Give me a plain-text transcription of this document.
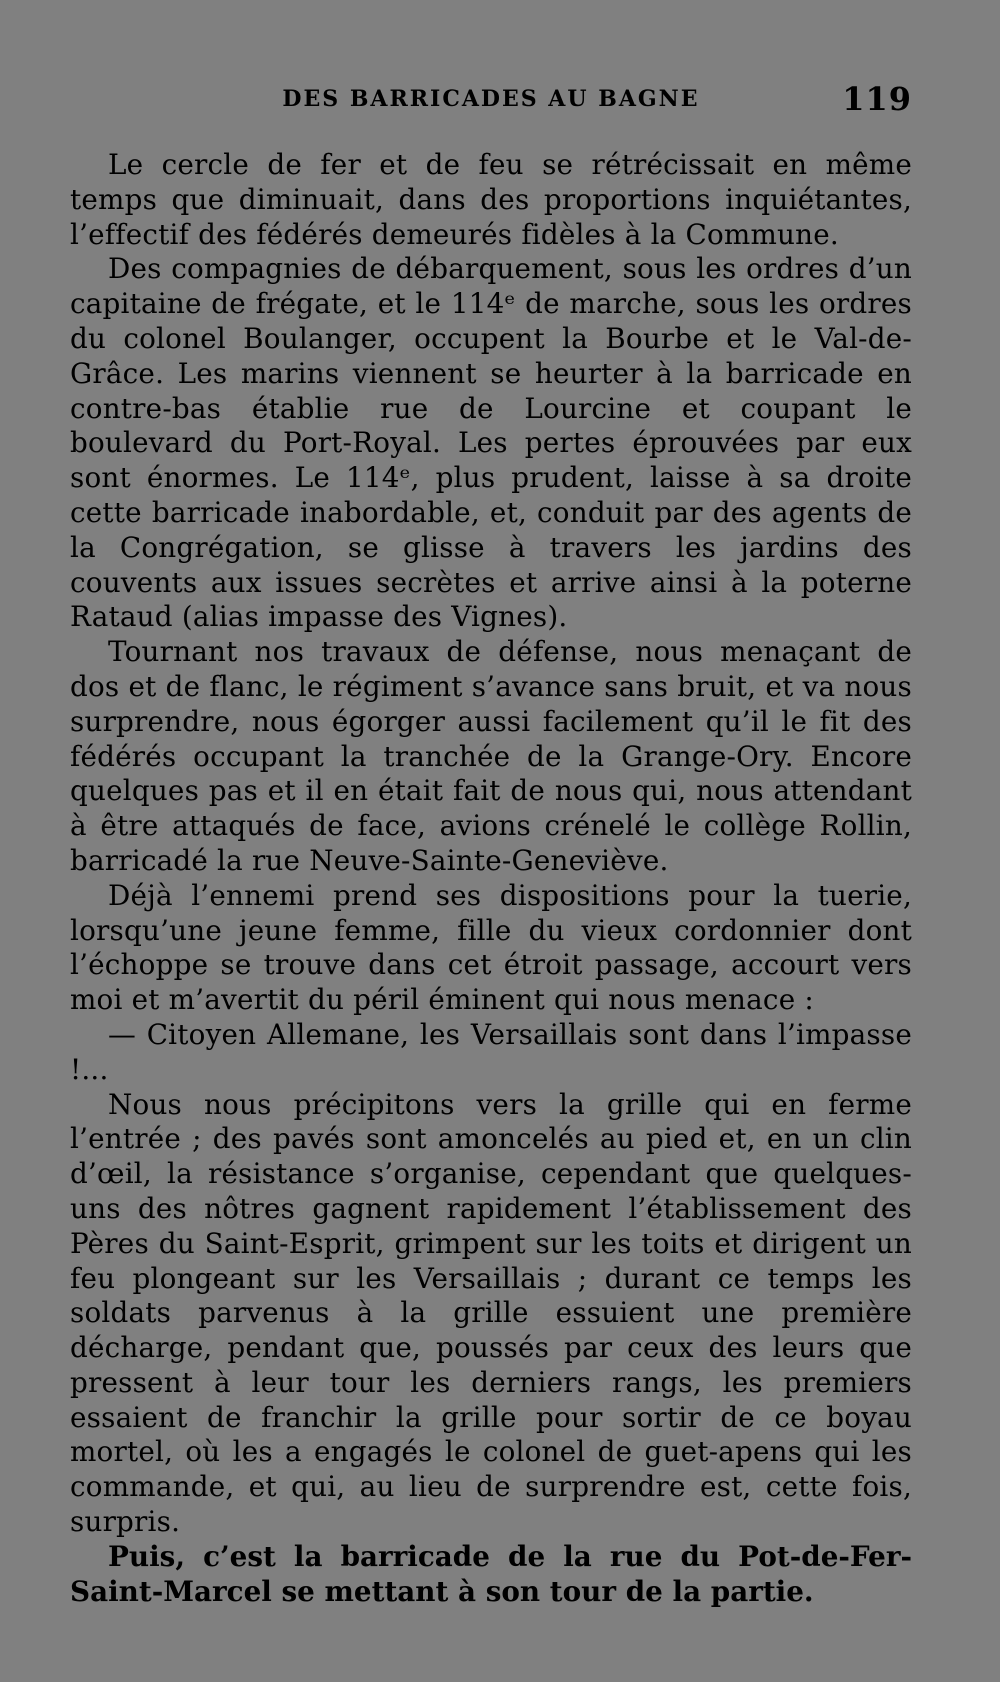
DES BARRICADES AU BAGNE	119

Le cercle de fer et de feu se rétrécissait en même temps que diminuait, dans des proportions inquiétantes, l’effectif des fédérés demeurés fidèles à la Commune.

Des compagnies de débarquement, sous les ordres d’un capitaine de frégate, et le 114ᵉ de marche, sous les ordres du colonel Boulanger, occupent la Bourbe et le Val-de-Grâce. Les marins viennent se heurter à la barricade en contre-bas établie rue de Lourcine et coupant le boulevard du Port-Royal. Les pertes éprouvées par eux sont énormes. Le 114ᵉ, plus prudent, laisse à sa droite cette barricade inabordable, et, conduit par des agents de la Congrégation, se glisse à travers les jardins des couvents aux issues secrètes et arrive ainsi à la poterne Rataud (alias impasse des Vignes).

Tournant nos travaux de défense, nous menaçant de dos et de flanc, le régiment s’avance sans bruit, et va nous surprendre, nous égorger aussi facilement qu’il le fit des fédérés occupant la tranchée de la Grange-Ory. Encore quelques pas et il en était fait de nous qui, nous attendant à être attaqués de face, avions crénelé le collège Rollin, barricadé la rue Neuve-Sainte-Geneviève.

Déjà l’ennemi prend ses dispositions pour la tuerie, lorsqu’une jeune femme, fille du vieux cordonnier dont l’échoppe se trouve dans cet étroit passage, accourt vers moi et m’avertit du péril éminent qui nous menace :

— Citoyen Allemane, les Versaillais sont dans l’impasse !...

Nous nous précipitons vers la grille qui en ferme l’entrée ; des pavés sont amoncelés au pied et, en un clin d’œil, la résistance s’organise, cependant que quelques-uns des nôtres gagnent rapidement l’établissement des Pères du Saint-Esprit, grimpent sur les toits et dirigent un feu plongeant sur les Versaillais ; durant ce temps les soldats parvenus à la grille essuient une première décharge, pendant que, poussés par ceux des leurs que pressent à leur tour les derniers rangs, les premiers essaient de franchir la grille pour sortir de ce boyau mortel, où les a engagés le colonel de guet-apens qui les commande, et qui, au lieu de surprendre est, cette fois, surpris.

Puis, c’est la barricade de la rue du Pot-de-Fer-Saint-Marcel se mettant à son tour de la partie.
